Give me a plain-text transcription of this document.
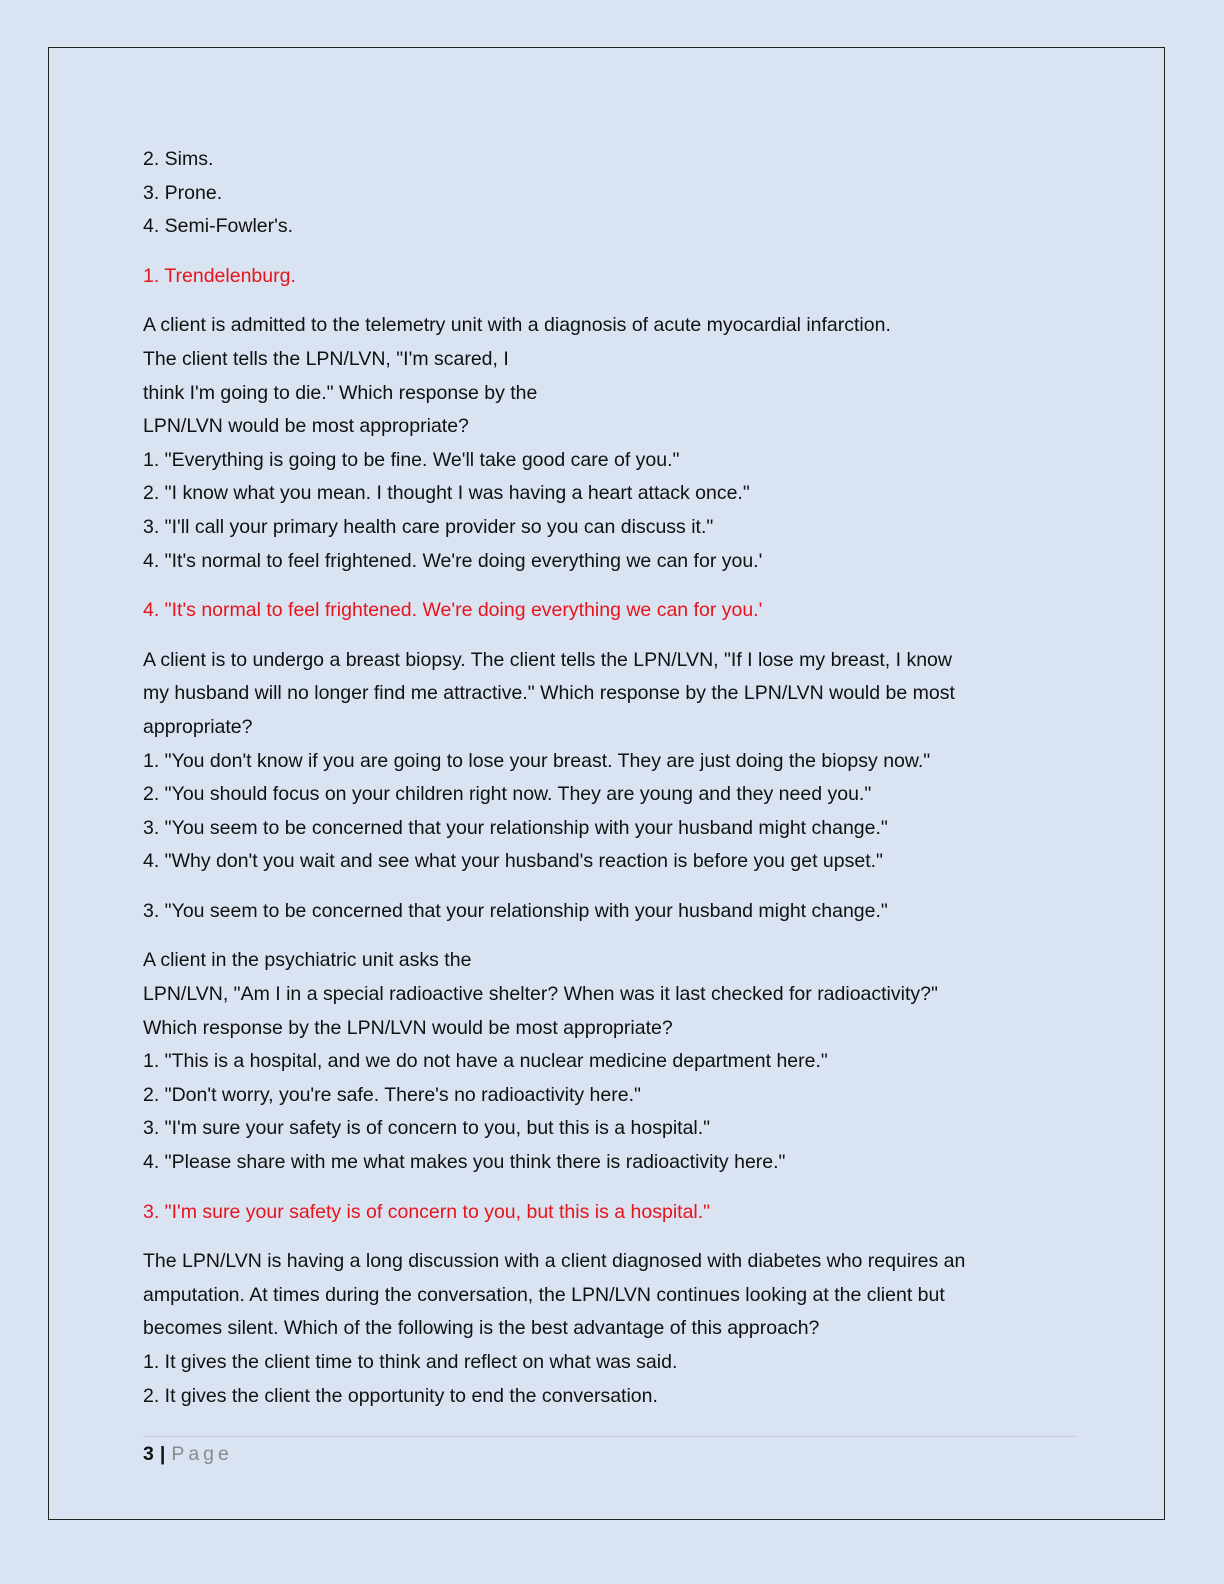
2. Sims.
3. Prone.
4. Semi-Fowler's.
1. Trendelenburg.
A client is admitted to the telemetry unit with a diagnosis of acute myocardial infarction.
The client tells the LPN/LVN, "I'm scared, I
think I'm going to die." Which response by the
LPN/LVN would be most appropriate?
1. "Everything is going to be fine. We'll take good care of you."
2. "I know what you mean. I thought I was having a heart attack once."
3. "I'll call your primary health care provider so you can discuss it."
4. "It's normal to feel frightened. We're doing everything we can for you.'
4. "It's normal to feel frightened. We're doing everything we can for you.'
A client is to undergo a breast biopsy. The client tells the LPN/LVN, "If I lose my breast, I know
my husband will no longer find me attractive." Which response by the LPN/LVN would be most
appropriate?
1. "You don't know if you are going to lose your breast. They are just doing the biopsy now."
2. "You should focus on your children right now. They are young and they need you."
3. "You seem to be concerned that your relationship with your husband might change."
4. "Why don't you wait and see what your husband's reaction is before you get upset."
3. "You seem to be concerned that your relationship with your husband might change."
A client in the psychiatric unit asks the
LPN/LVN, "Am I in a special radioactive shelter? When was it last checked for radioactivity?"
Which response by the LPN/LVN would be most appropriate?
1. "This is a hospital, and we do not have a nuclear medicine department here."
2. "Don't worry, you're safe. There's no radioactivity here."
3. "I'm sure your safety is of concern to you, but this is a hospital."
4. "Please share with me what makes you think there is radioactivity here."
3. "I'm sure your safety is of concern to you, but this is a hospital."
The LPN/LVN is having a long discussion with a client diagnosed with diabetes who requires an
amputation. At times during the conversation, the LPN/LVN continues looking at the client but
becomes silent. Which of the following is the best advantage of this approach?
1. It gives the client time to think and reflect on what was said.
2. It gives the client the opportunity to end the conversation.
3 | Page
